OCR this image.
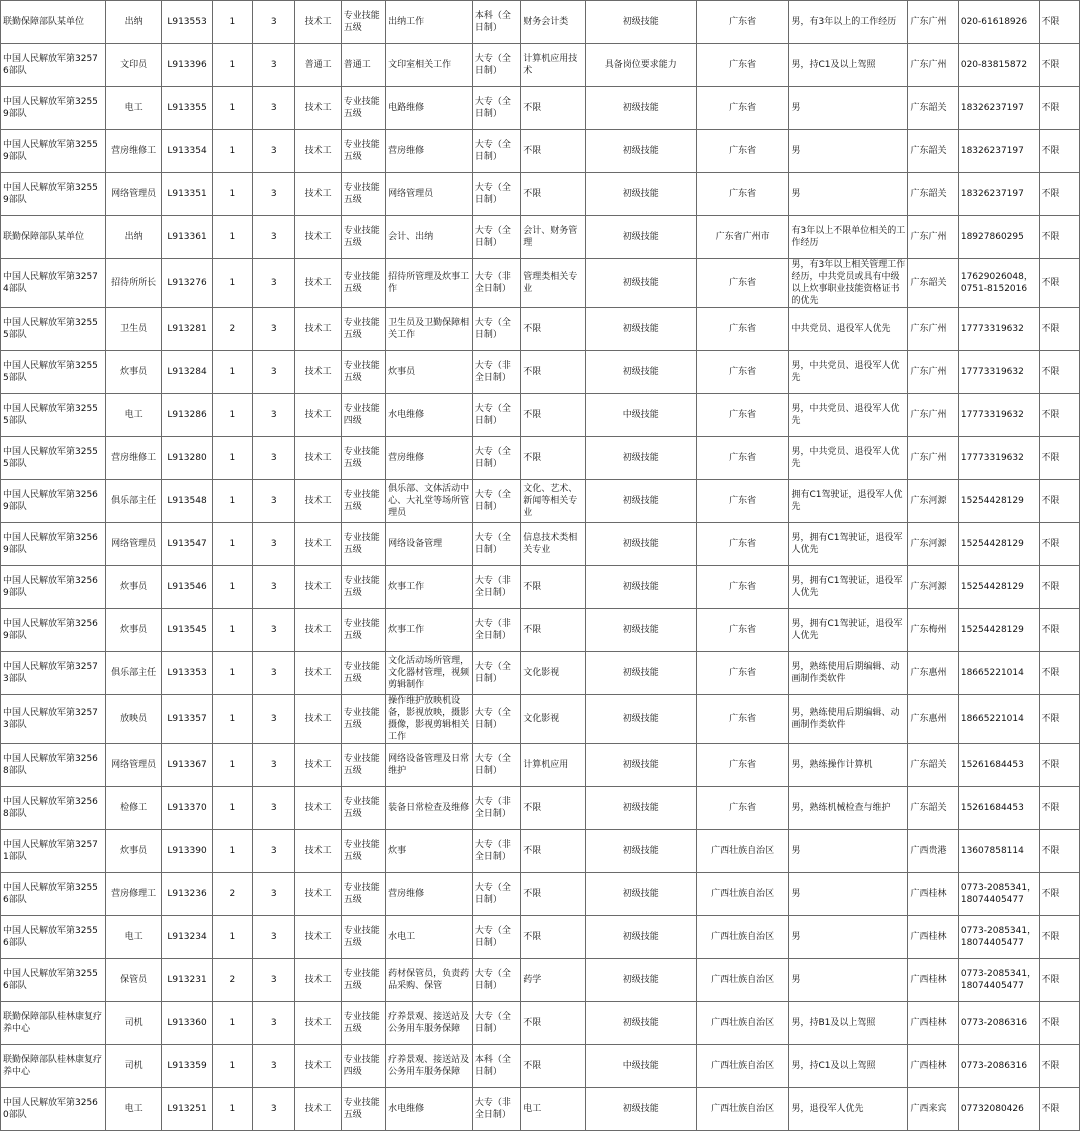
联勤保障部队某单位	出纳	L913553	1	3	技术工	专业技能五级	出纳工作	本科（全日制）	财务会计类	初级技能	广东省	男，有3年以上的工作经历	广东广州	020-61618926	不限
中国人民解放军第32576部队	文印员	L913396	1	3	普通工	普通工	文印室相关工作	大专（全日制）	计算机应用技术	具备岗位要求能力	广东省	男，持C1及以上驾照	广东广州	020-83815872	不限
中国人民解放军第32559部队	电工	L913355	1	3	技术工	专业技能五级	电路维修	大专（全日制）	不限	初级技能	广东省	男	广东韶关	18326237197	不限
中国人民解放军第32559部队	营房维修工	L913354	1	3	技术工	专业技能五级	营房维修	大专（全日制）	不限	初级技能	广东省	男	广东韶关	18326237197	不限
中国人民解放军第32559部队	网络管理员	L913351	1	3	技术工	专业技能五级	网络管理员	大专（全日制）	不限	初级技能	广东省	男	广东韶关	18326237197	不限
联勤保障部队某单位	出纳	L913361	1	3	技术工	专业技能五级	会计、出纳	大专（全日制）	会计、财务管理	初级技能	广东省广州市	有3年以上不限单位相关的工作经历	广东广州	18927860295	不限
中国人民解放军第32574部队	招待所所长	L913276	1	3	技术工	专业技能五级	招待所管理及炊事工作	大专（非全日制）	管理类相关专业	初级技能	广东省	男，有3年以上相关管理工作经历，中共党员或具有中级以上炊事职业技能资格证书的优先	广东韶关	17629026048，0751-8152016	不限
中国人民解放军第32555部队	卫生员	L913281	2	3	技术工	专业技能五级	卫生员及卫勤保障相关工作	大专（全日制）	不限	初级技能	广东省	中共党员、退役军人优先	广东广州	17773319632	不限
中国人民解放军第32555部队	炊事员	L913284	1	3	技术工	专业技能五级	炊事员	大专（非全日制）	不限	初级技能	广东省	男，中共党员、退役军人优先	广东广州	17773319632	不限
中国人民解放军第32555部队	电工	L913286	1	3	技术工	专业技能四级	水电维修	大专（全日制）	不限	中级技能	广东省	男，中共党员、退役军人优先	广东广州	17773319632	不限
中国人民解放军第32555部队	营房维修工	L913280	1	3	技术工	专业技能五级	营房维修	大专（全日制）	不限	初级技能	广东省	男，中共党员、退役军人优先	广东广州	17773319632	不限
中国人民解放军第32569部队	俱乐部主任	L913548	1	3	技术工	专业技能五级	俱乐部、文体活动中心、大礼堂等场所管理员	大专（全日制）	文化、艺术、新闻等相关专业	初级技能	广东省	拥有C1驾驶证，退役军人优先	广东河源	15254428129	不限
中国人民解放军第32569部队	网络管理员	L913547	1	3	技术工	专业技能五级	网络设备管理	大专（全日制）	信息技术类相关专业	初级技能	广东省	男，拥有C1驾驶证，退役军人优先	广东河源	15254428129	不限
中国人民解放军第32569部队	炊事员	L913546	1	3	技术工	专业技能五级	炊事工作	大专（非全日制）	不限	初级技能	广东省	男，拥有C1驾驶证，退役军人优先	广东河源	15254428129	不限
中国人民解放军第32569部队	炊事员	L913545	1	3	技术工	专业技能五级	炊事工作	大专（非全日制）	不限	初级技能	广东省	男，拥有C1驾驶证，退役军人优先	广东梅州	15254428129	不限
中国人民解放军第32573部队	俱乐部主任	L913353	1	3	技术工	专业技能五级	文化活动场所管理，文化器材管理，视频剪辑制作	大专（全日制）	文化影视	初级技能	广东省	男，熟练使用后期编辑、动画制作类软件	广东惠州	18665221014	不限
中国人民解放军第32573部队	放映员	L913357	1	3	技术工	专业技能五级	操作维护放映机设备，影视放映，摄影摄像，影视剪辑相关工作	大专（全日制）	文化影视	初级技能	广东省	男，熟练使用后期编辑、动画制作类软件	广东惠州	18665221014	不限
中国人民解放军第32568部队	网络管理员	L913367	1	3	技术工	专业技能五级	网络设备管理及日常维护	大专（全日制）	计算机应用	初级技能	广东省	男，熟练操作计算机	广东韶关	15261684453	不限
中国人民解放军第32568部队	检修工	L913370	1	3	技术工	专业技能五级	装备日常检查及维修	大专（非全日制）	不限	初级技能	广东省	男，熟练机械检查与维护	广东韶关	15261684453	不限
中国人民解放军第32571部队	炊事员	L913390	1	3	技术工	专业技能五级	炊事	大专（非全日制）	不限	初级技能	广西壮族自治区	男	广西贵港	13607858114	不限
中国人民解放军第32556部队	营房修理工	L913236	2	3	技术工	专业技能五级	营房维修	大专（全日制）	不限	初级技能	广西壮族自治区	男	广西桂林	0773-2085341，18074405477	不限
中国人民解放军第32556部队	电工	L913234	1	3	技术工	专业技能五级	水电工	大专（全日制）	不限	初级技能	广西壮族自治区	男	广西桂林	0773-2085341，18074405477	不限
中国人民解放军第32556部队	保管员	L913231	2	3	技术工	专业技能五级	药材保管员，负责药品采购、保管	大专（全日制）	药学	初级技能	广西壮族自治区	男	广西桂林	0773-2085341，18074405477	不限
联勤保障部队桂林康复疗养中心	司机	L913360	1	3	技术工	专业技能五级	疗养景观、接送站及公务用车服务保障	大专（全日制）	不限	初级技能	广西壮族自治区	男，持B1及以上驾照	广西桂林	0773-2086316	不限
联勤保障部队桂林康复疗养中心	司机	L913359	1	3	技术工	专业技能四级	疗养景观、接送站及公务用车服务保障	本科（全日制）	不限	中级技能	广西壮族自治区	男，持C1及以上驾照	广西桂林	0773-2086316	不限
中国人民解放军第32560部队	电工	L913251	1	3	技术工	专业技能五级	水电维修	大专（非全日制）	电工	初级技能	广西壮族自治区	男，退役军人优先	广西来宾	07732080426	不限
